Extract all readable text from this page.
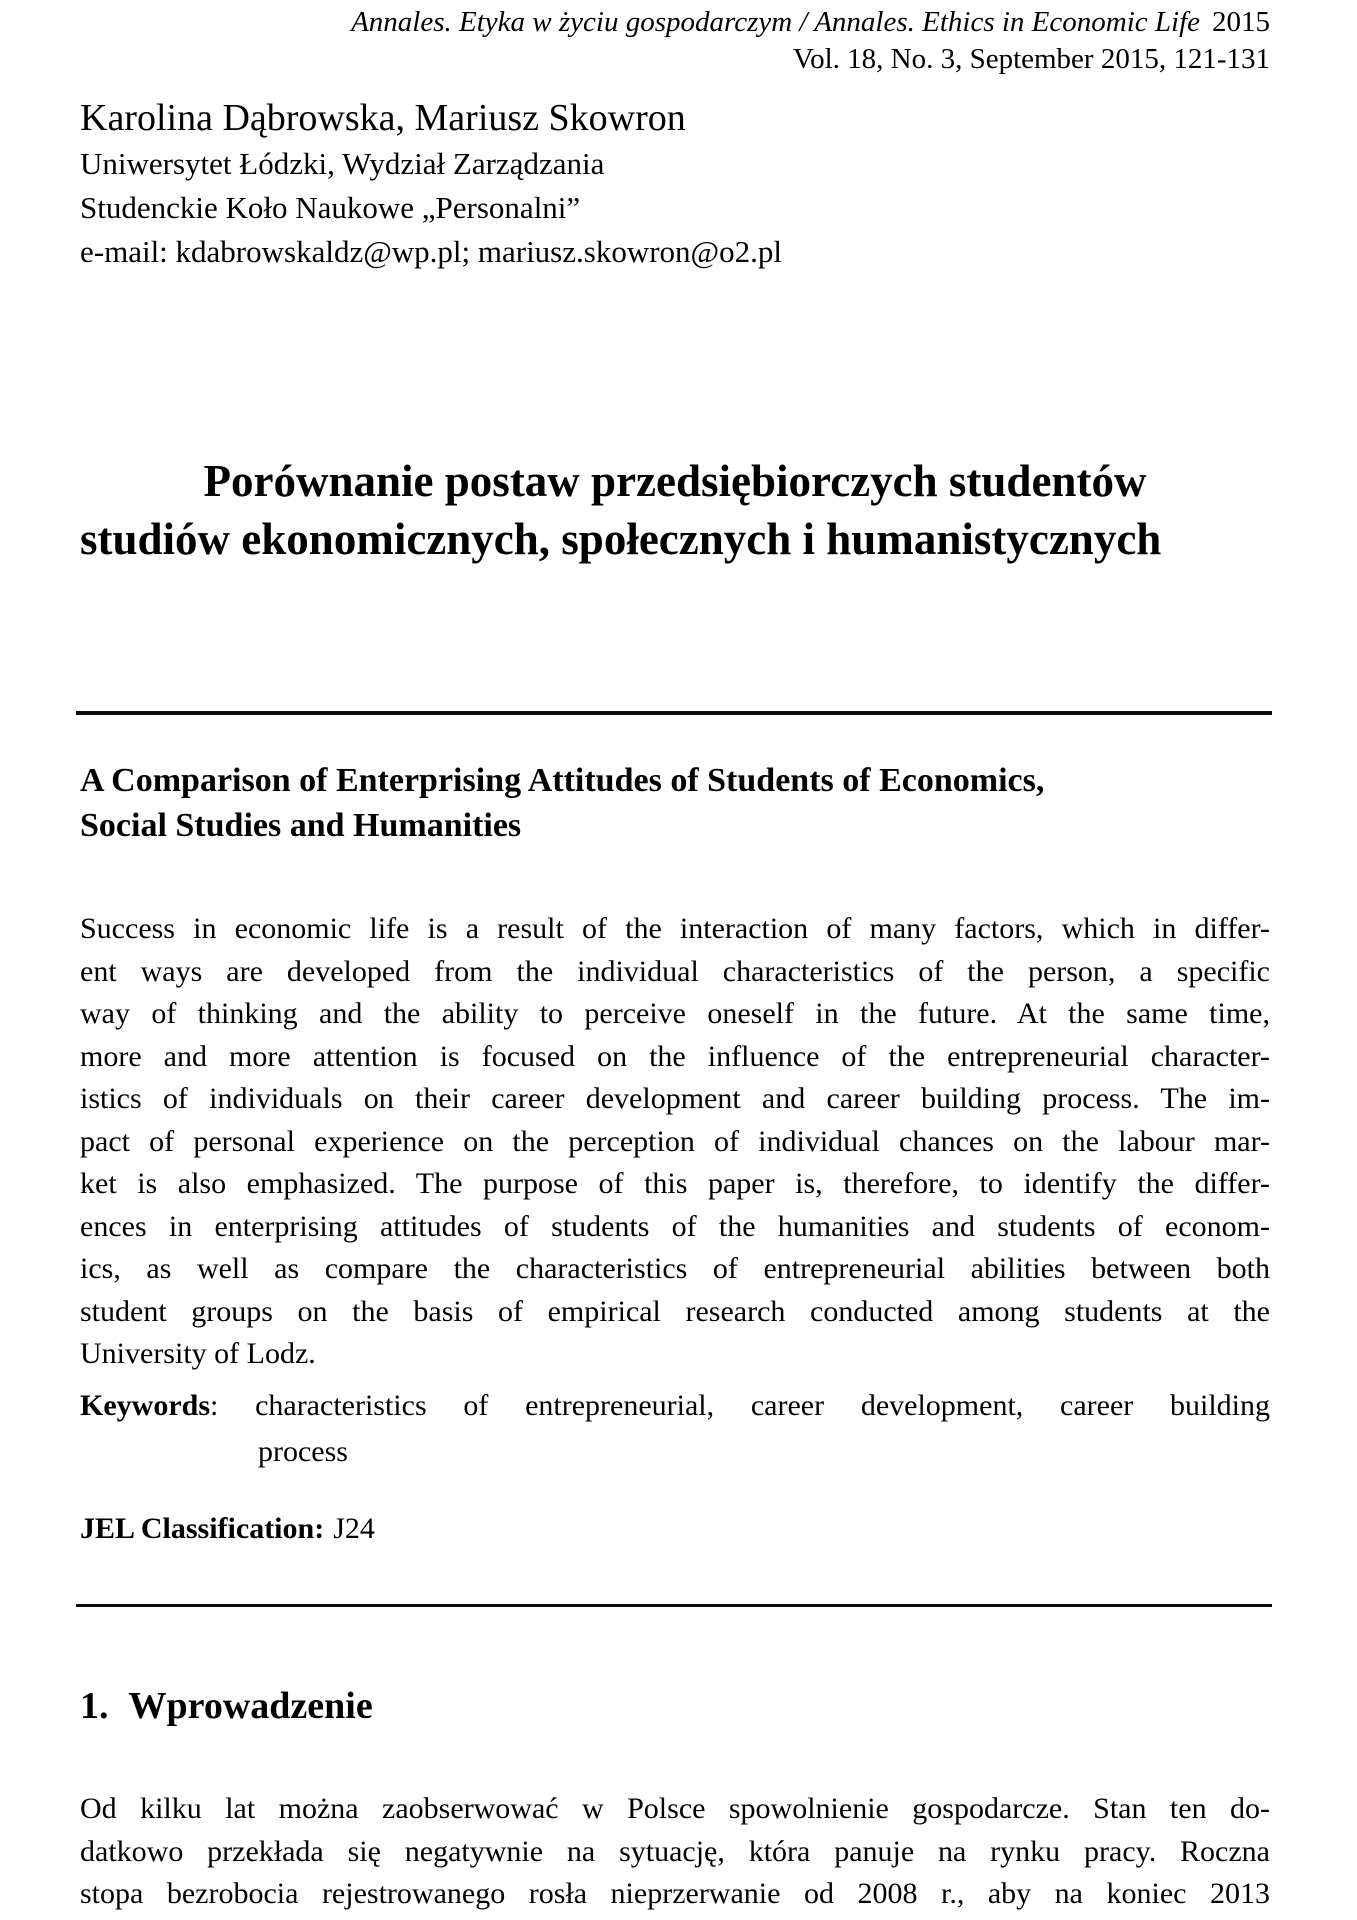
Annales. Etyka w życiu gospodarczym / Annales. Ethics in Economic Life 2015
Vol. 18, No. 3, September 2015, 121-131
Karolina Dąbrowska, Mariusz Skowron
Uniwersytet Łódzki, Wydział Zarządzania
Studenckie Koło Naukowe „Personalni”
e-mail: kdabrowskaldz@wp.pl; mariusz.skowron@o2.pl
Porównanie postaw przedsiębiorczych studentów
studiów ekonomicznych, społecznych i humanistycznych
A Comparison of Enterprising Attitudes of Students of Economics,
Social Studies and Humanities
Success in economic life is a result of the interaction of many factors, which in differ-
ent ways are developed from the individual characteristics of the person, a specific
way of thinking and the ability to perceive oneself in the future. At the same time,
more and more attention is focused on the influence of the entrepreneurial character-
istics of individuals on their career development and career building process. The im-
pact of personal experience on the perception of individual chances on the labour mar-
ket is also emphasized. The purpose of this paper is, therefore, to identify the differ-
ences in enterprising attitudes of students of the humanities and students of econom-
ics, as well as compare the characteristics of entrepreneurial abilities between both
student groups on the basis of empirical research conducted among students at the
University of Lodz.
Keywords: characteristics of entrepreneurial, career development, career building
process
JEL Classification: J24
1. Wprowadzenie
Od kilku lat można zaobserwować w Polsce spowolnienie gospodarcze. Stan ten do-
datkowo przekłada się negatywnie na sytuację, która panuje na rynku pracy. Roczna
stopa bezrobocia rejestrowanego rosła nieprzerwanie od 2008 r., aby na koniec 2013
